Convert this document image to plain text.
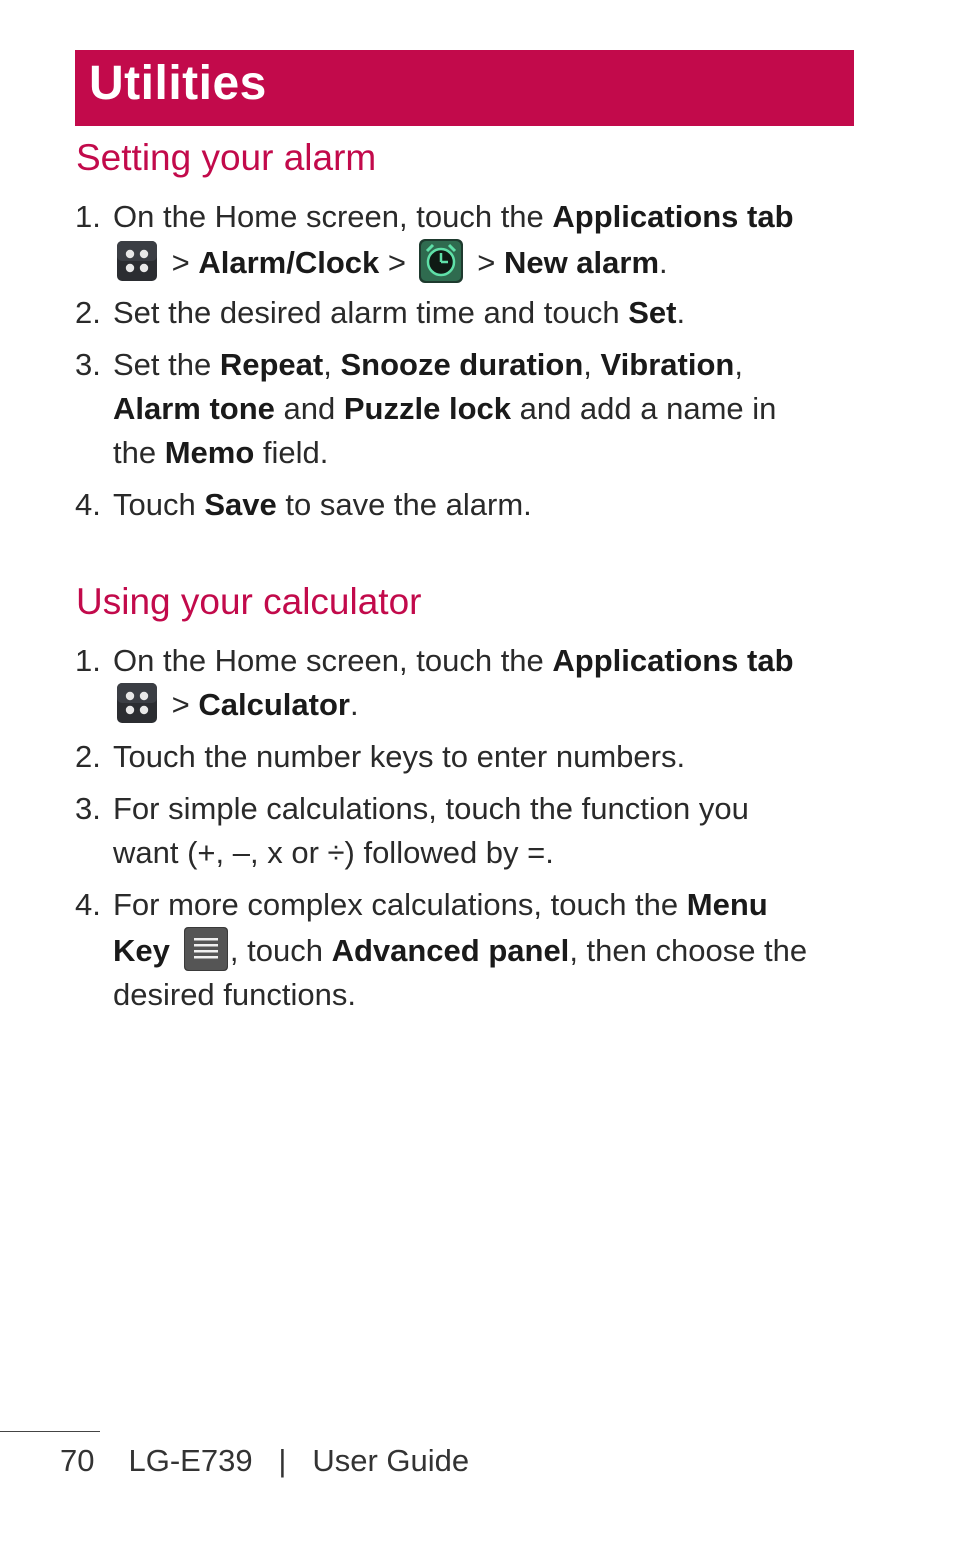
Utilities
Setting your alarm
1. On the Home screen, touch the Applications tab
> Alarm/Clock >  > New alarm.
2. Set the desired alarm time and touch Set.
3. Set the Repeat, Snooze duration, Vibration,
Alarm tone and Puzzle lock and add a name in
the Memo field.
4. Touch Save to save the alarm.
Using your calculator
1. On the Home screen, touch the Applications tab
> Calculator.
2. Touch the number keys to enter numbers.
3. For simple calculations, touch the function you
want (+, –, x or ÷) followed by =.
4. For more complex calculations, touch the Menu
Key , touch Advanced panel, then choose the
desired functions.
70 LG-E739 | User Guide
